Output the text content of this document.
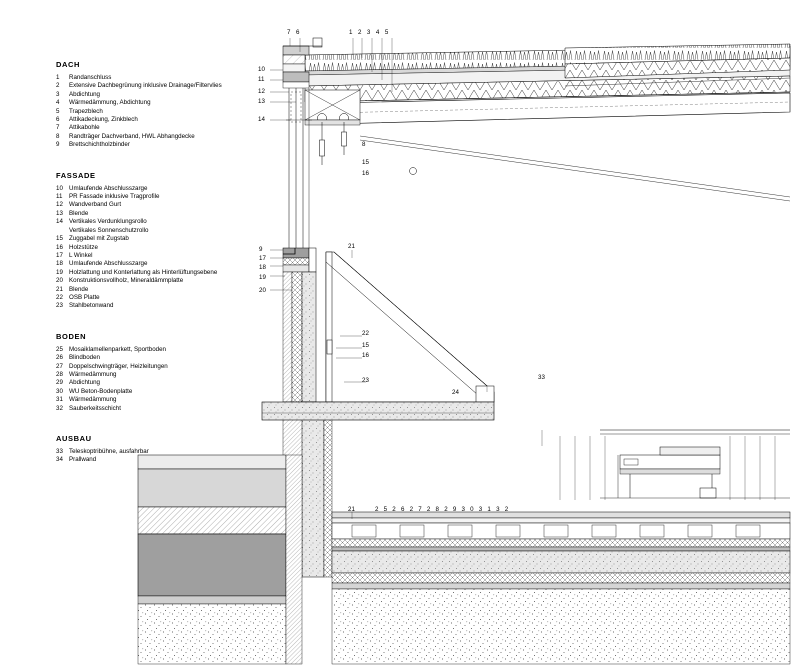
DACH
1 Randanschluss
2 Extensive Dachbegrünung inklusive Drainage/Filtervlies
3 Abdichtung
4 Wärmedämmung, Abdichtung
5 Trapezblech
6 Attikadeckung, Zinkblech
7 Attikabohle
8 Randträger Dachverband, HWL Abhangdecke
9 Brettschichtholzbinder
FASSADE
10 Umlaufende Abschlusszarge
11 PR Fassade inklusive Tragprofile
12 Wandverband Gurt
13 Blende
14 Vertikales Verdunklungsrollo
Vertikales Sonnenschutzrollo
15 Zuggabel mit Zugstab
16 Holzstütze
17 L Winkel
18 Umlaufende Abschlusszarge
19 Holzlattung und Konterlattung als Hinterlüftungsebene
20 Konstruktionsvollholz, Mineraldämmplatte
21 Blende
22 OSB Platte
23 Stahlbetonwand
BODEN
25 Mosaiklamellenparkett, Sportboden
26 Blindboden
27 Doppelschwingträger, Heizleitungen
28 Wärmedämmung
29 Abdichtung
30 WU Beton-Bodenplatte
31 Wärmedämmung
32 Sauberkeitsschicht
AUSBAU
33 Teleskoptribühne, ausfahrbar
34 Prallwand
12345
76
10
11
12
13
14
8
15
16
9
17
18
19
20
21
22
15
16
23
24
33
21	2526272829303132
